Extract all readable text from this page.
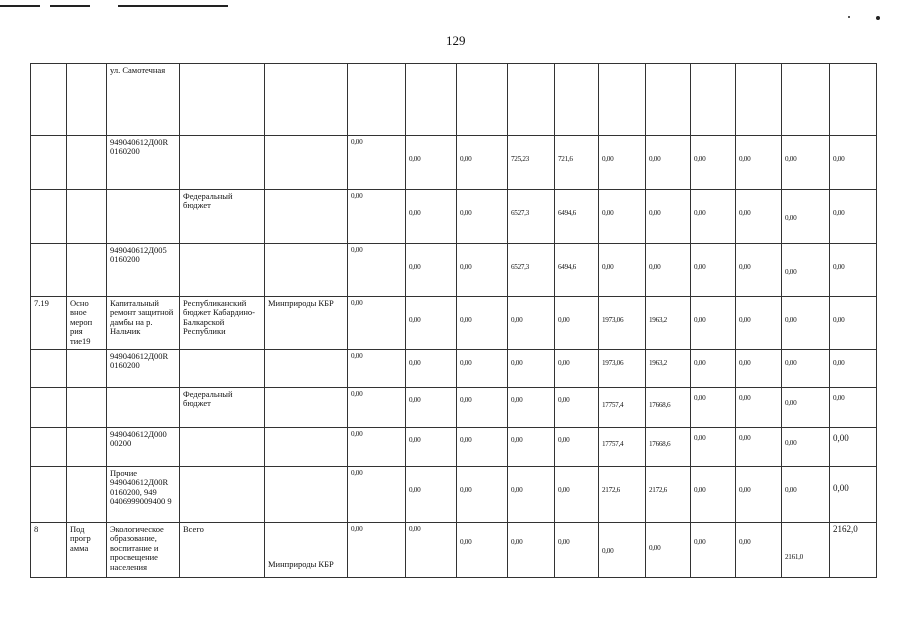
129
		ул. Самотечная													
		949040612Д00R 0160200			0,00	0,00	0,00	725,23	721,6	0,00	0,00	0,00	0,00	0,00	0,00

			Федеральный бюджет		0,00	0,00	0,00	6527,3	6494,6	0,00	0,00	0,00	0,00	0,00	0,00

		949040612Д005 0160200			0,00	0,00	0,00	6527,3	6494,6	0,00	0,00	0,00	0,00	0,00	0,00

7.19	Осно вное мероп рия тие19	Капитальный ремонт защитной дамбы на р. Нальчик	Республиканский бюджет Кабардино-Балкарской Республики	Минприроды КБР	0,00	0,00	0,00	0,00	0,00	1973,06	1963,2	0,00	0,00	0,00	0,00

		949040612Д00R 0160200			0,00	0,00	0,00	0,00	0,00	1973,06	1963,2	0,00	0,00	0,00	0,00

			Федеральный бюджет		0,00	0,00	0,00	0,00	0,00	17757,4	17668,6	0,00	0,00	0,00	0,00

		949040612Д000 00200			0,00	0,00	0,00	0,00	0,00	17757,4	17668,6	0,00	0,00	0,00	0,00

		Прочие 949040612Д00R 0160200, 949 0406999009400 9			0,00	0,00	0,00	0,00	0,00	2172,6	2172,6	0,00	0,00	0,00	0,00

8	Под прогр амма	Экологическое образование, воспитание и просвещение населения	Всего	Минприроды КБР	0,00	0,00	0,00	0,00	0,00	0,00	0,00	0,00	0,00	2161,0	2162,0
